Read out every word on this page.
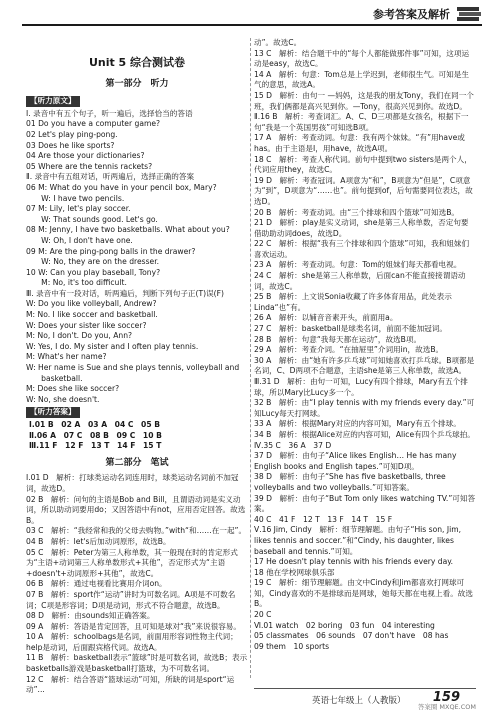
参考答案及解析
Unit 5 综合测试卷
第一部分　听力
【听力原文】
Ⅰ. 录音中有五个句子，听一遍后，选择恰当的答语
01 Do you have a computer game?
02 Let's play ping-pong.
03 Does he like sports?
04 Are those your dictionaries?
05 Where are the tennis rackets?
Ⅱ. 录音中有五组对话，听两遍后，选择正确的答案
06 M: What do you have in your pencil box, Mary?
　　W: I have two pencils.
07 M: Lily, let's play soccer.
　　W: That sounds good. Let's go.
08 M: Jenny, I have two basketballs. What about you?
　　W: Oh, I don't have one.
09 M: Are the ping-pong balls in the drawer?
　　W: No, they are on the dresser.
10 W: Can you play baseball, Tony?
　　M: No, it's too difficult.
Ⅲ. 录音中有一段对话，听两遍后，判断下列句子正(T)误(F)
W: Do you like volleyball, Andrew?
M: No. I like soccer and basketball.
W: Does your sister like soccer?
M: No, I don't. Do you, Ann?
W: Yes, I do. My sister and I often play tennis.
M: What's her name?
W: Her name is Sue and she plays tennis, volleyball and
　　basketball.
M: Does she like soccer?
W: No, she doesn't.
【听力答案】
Ⅰ.01 B　02 A　03 A　04 C　05 B
Ⅱ.06 A　07 C　08 B　09 C　10 B
Ⅲ.11 F　12 F　13 T　14 F　15 T
第二部分　笔试
Ⅰ.01 D　解析：打球类运动名词连用时，球类运动名词前不加冠词，故选D。
02 B　解析：问句的主语是Bob and Bill，且谓语动词是实义动词，所以助动词要用do；又因答语中有not，应用否定回答。故选B。
03 C　解析：“我经常和我的父母去购物。”with“和……在一起”。
04 B　解析：let's后加动词原形，故选B。
05 C　解析：Peter为第三人称单数，其一般现在时的肯定形式为“主语+动词第三人称单数形式+其他”，否定形式为“主语+doesn't+动词原形+其他”，故选C。
06 B　解析：通过电视看比赛用介词on。
07 B　解析：sport作“运动”讲时为可数名词。A项是不可数名词；C项是形容词；D项是动词，形式不符合题意，故选B。
08 D　解析：由sounds知正确答案。
09 A　解析：答语是肯定回答，且可知是球对“我”来说很容易。
10 A　解析：schoolbags是名词，前面用形容词性物主代词；help是动词，后面跟宾格代词。故选A。
11 B　解析：basketball表示“篮球”时是可数名词，故选B；表示basketballs游戏是basketball打篮球，为不可数名词。
12 C　解析：结合答语“篮球运动”可知，所缺的词是sport“运动”...
动”。故选C。
13 C　解析：结合题干中的“每个人都能做那件事”可知，这项运动是easy，故选C。
14 A　解析：句意：Tom总是上学迟到，老师很生气。可知是生气的意思，故选A。
15 D　解析：由句一 —妈妈，这是我的朋友Tony，我们在同一个班，我们俩都是高兴见到你。—Tony，很高兴见到你。故选D。
Ⅱ.16 B　解析：考查词汇。A、C、D三项都是女孩名，根据下一句“我是一个英国男孩”可知选B项。
17 A　解析：考查动词。句意：我有两个妹妹。“有”用have或has。由于主语是I，用have，故选A项。
18 C　解析：考查人称代词。前句中提到two sisters是两个人，代词应用they，故选C。
19 D　解析：考查冠词。A项意为“和”，B项意为“但是”，C项意为“到”，D项意为“……也”。前句提到of，后句需要同位表达，故选D。
20 B　解析：考查动词。由“三个排球和四个篮球”可知选B。
21 D　解析：play是实义动词，she是第三人称单数，否定句要借助助动词does，故选D。
22 C　解析：根据“我有三个排球和四个篮球”可知，我和姐妹们喜欢运动。
23 A　解析：考查动词。句意：Tom的姐妹们每天都看电视。
24 C　解析：she是第三人称单数，后面can不能直接接谓语动词，故选C。
25 B　解析：上文说Sonia收藏了许多体育用品，此处表示Linda“也”有。
26 A　解析：以辅音音素开头，前面用a。
27 C　解析：basketball是球类名词，前面不能加冠词。
28 B　解析：句意“我每天都在运动”，故选B项。
29 A　解析：考查介词。“在抽屉里”介词用in，故选B。
30 A　解析：由“她有许多乒乓球”可知她喜欢打乒乓球。B项都是名词，C、D两项不合题意，主语she是第三人称单数，故选A。
Ⅲ.31 D　解析：由句一可知，Lucy有四个排球，Mary有五个排球，所以Mary比Lucy多一个。
32 B　解析：由“I play tennis with my friends every day.”可知Lucy每天打网球。
33 A　解析：根据Mary对应的内容可知，Mary有五个排球。
34 B　解析：根据Alice对应的内容可知，Alice有四个乒乓球拍。
Ⅳ.35 C　36 A　37 D
37 D　解析：由句子“Alice likes English… He has many English books and English tapes.”可知D项。
38 D　解析：由句子“She has five basketballs, three volleyballs and two volleyballs.”可知答案。
39 D　解析：由句子“But Tom only likes watching TV.”可知答案。
40 C　41 F　12 T　13 F　14 T　15 F
Ⅴ.16 Jim, Cindy　解析：细节理解题。由句子“His son, Jim, likes tennis and soccer.”和“Cindy, his daughter, likes baseball and tennis.”可知。
17 He doesn't play tennis with his friends every day.
18 他在学校网球俱乐部
19 C　解析：细节理解题。由文中Cindy和Jim都喜欢打网球可知，Cindy喜欢的不是排球而是网球，她每天都在电视上看。故选B。
20 C　
Ⅵ.01 watch　02 boring　03 fun　04 interesting
05 classmates　06 sounds　07 don't have　08 has
09 them　10 sports
英语七年级上（人教版） 159
答案圈 MXQE.COM
